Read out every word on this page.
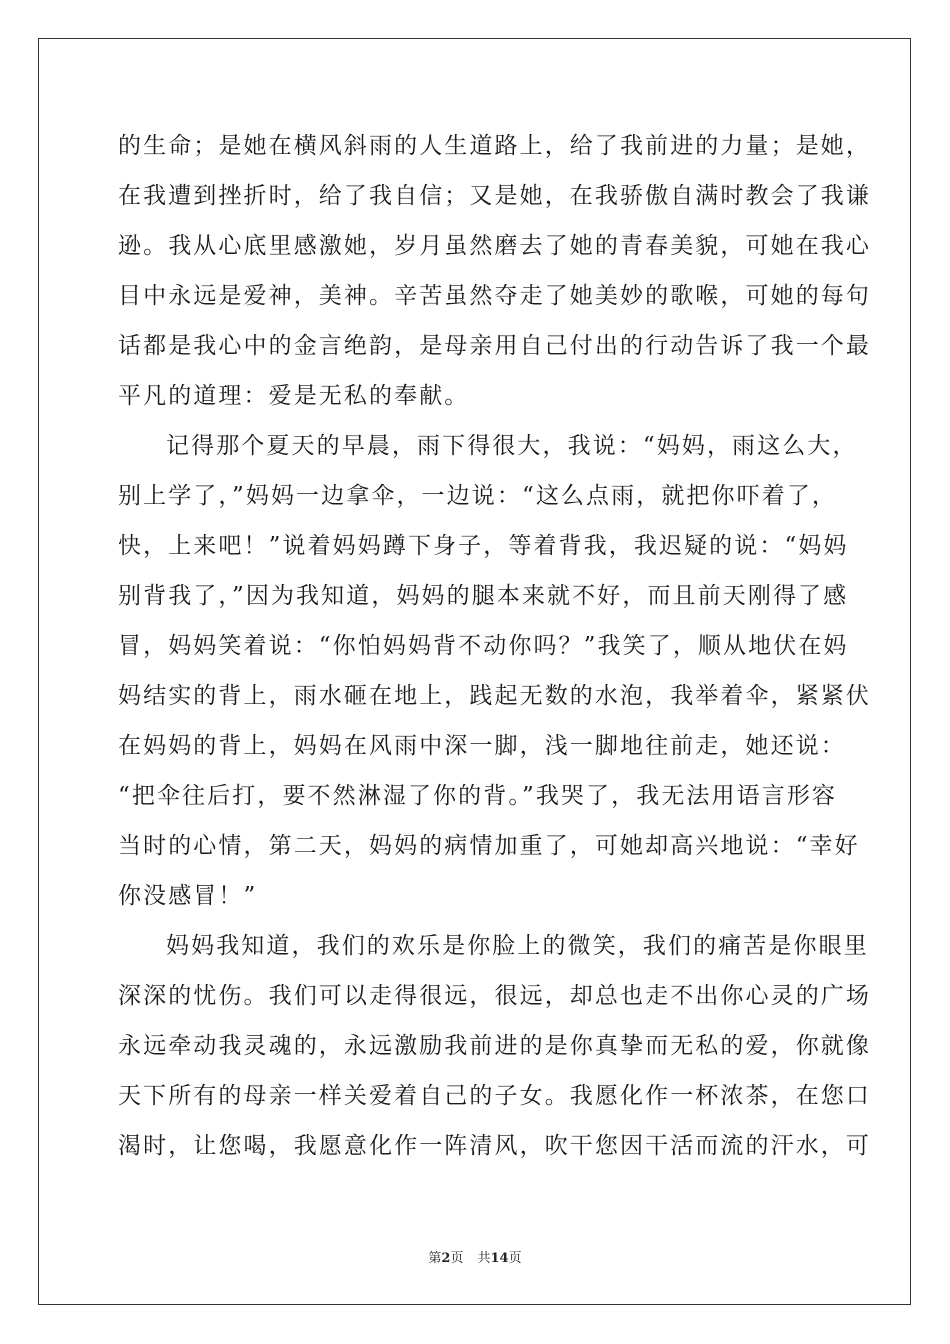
的生命；是她在横风斜雨的人生道路上，给了我前进的力量；是她，
在我遭到挫折时，给了我自信；又是她，在我骄傲自满时教会了我谦
逊。我从心底里感激她，岁月虽然磨去了她的青春美貌，可她在我心
目中永远是爱神，美神。辛苦虽然夺走了她美妙的歌喉，可她的每句
话都是我心中的金言绝韵，是母亲用自己付出的行动告诉了我一个最
平凡的道理：爱是无私的奉献。
记得那个夏天的早晨，雨下得很大，我说：“妈妈，雨这么大，
别上学了，”妈妈一边拿伞，一边说：“这么点雨，就把你吓着了，
快，上来吧！”说着妈妈蹲下身子，等着背我，我迟疑的说：“妈妈
别背我了，”因为我知道，妈妈的腿本来就不好，而且前天刚得了感
冒，妈妈笑着说：“你怕妈妈背不动你吗？”我笑了，顺从地伏在妈
妈结实的背上，雨水砸在地上，践起无数的水泡，我举着伞，紧紧伏
在妈妈的背上，妈妈在风雨中深一脚，浅一脚地往前走，她还说：
“把伞往后打，要不然淋湿了你的背。”我哭了，我无法用语言形容
当时的心情，第二天，妈妈的病情加重了，可她却高兴地说：“幸好
你没感冒！”
妈妈我知道，我们的欢乐是你脸上的微笑，我们的痛苦是你眼里
深深的忧伤。我们可以走得很远，很远，却总也走不出你心灵的广场
永远牵动我灵魂的，永远激励我前进的是你真挚而无私的爱，你就像
天下所有的母亲一样关爱着自己的子女。我愿化作一杯浓茶，在您口
渴时，让您喝，我愿意化作一阵清风，吹干您因干活而流的汗水，可
第2页 共14页
